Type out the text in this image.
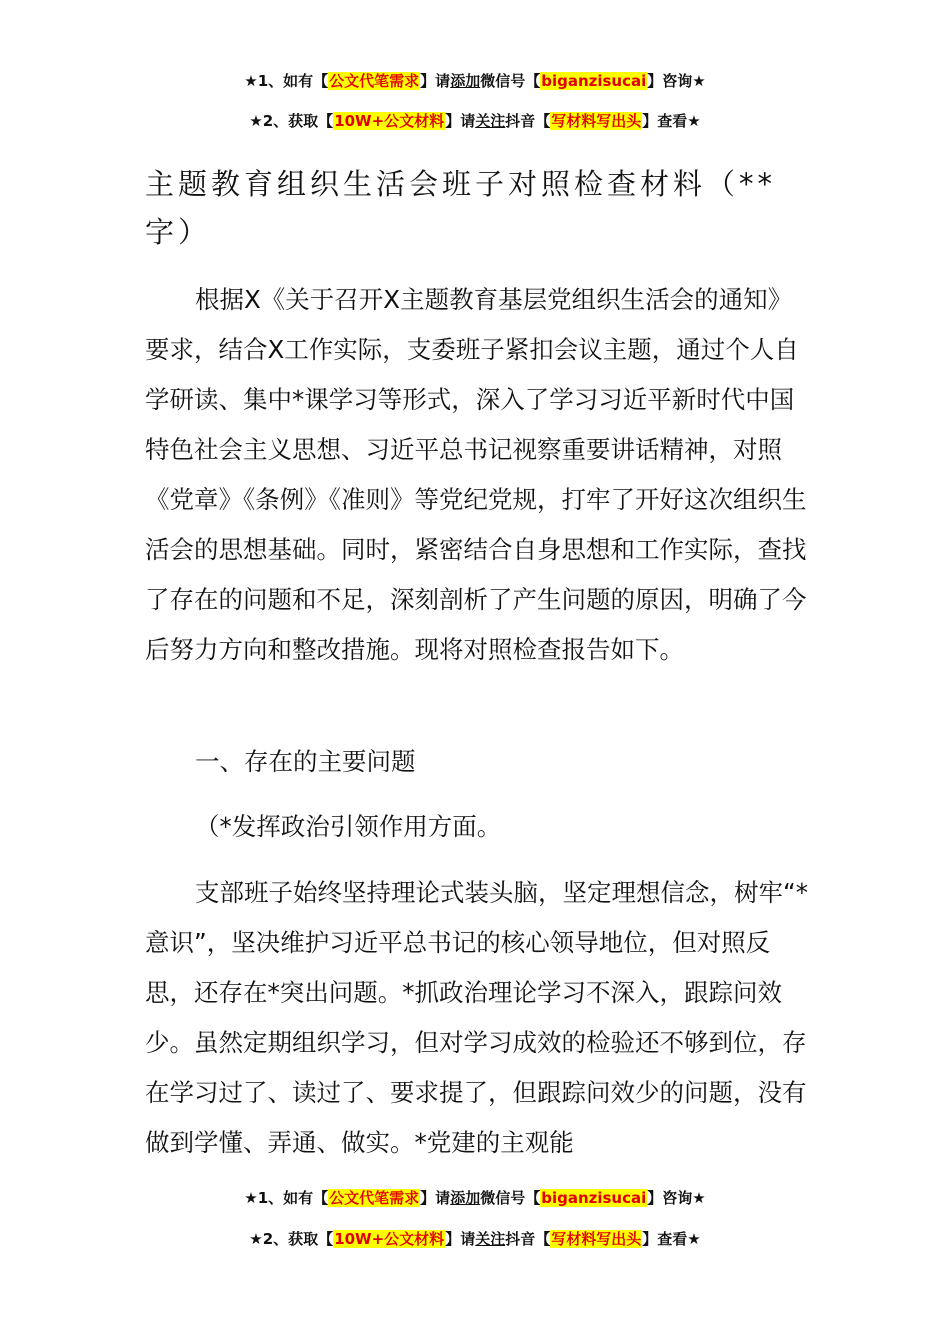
★1、如有【公文代笔需求】请添加微信号【biganzisucai】咨询★
★2、获取【10W+公文材料】请关注抖音【写材料写出头】查看★
主题教育组织生活会班子对照检查材料（**字）

根据X《关于召开X主题教育基层党组织生活会的通知》要求，结合X工作实际，支委班子紧扣会议主题，通过个人自学研读、集中*课学习等形式，深入了学习习近平新时代中国特色社会主义思想、习近平总书记视察重要讲话精神，对照《党章》《条例》《准则》等党纪党规，打牢了开好这次组织生活会的思想基础。同时，紧密结合自身思想和工作实际，查找了存在的问题和不足，深刻剖析了产生问题的原因，明确了今后努力方向和整改措施。现将对照检查报告如下。

一、存在的主要问题
（*发挥政治引领作用方面。

支部班子始终坚持理论式装头脑，坚定理想信念，树牢“*意识”，坚决维护习近平总书记的核心领导地位，但对照反思，还存在*突出问题。*抓政治理论学习不深入，跟踪问效少。虽然定期组织学习，但对学习成效的检验还不够到位，存在学习过了、读过了、要求提了，但跟踪问效少的问题，没有做到学懂、弄通、做实。*党建的主观能

★1、如有【公文代笔需求】请添加微信号【biganzisucai】咨询★
★2、获取【10W+公文材料】请关注抖音【写材料写出头】查看★
